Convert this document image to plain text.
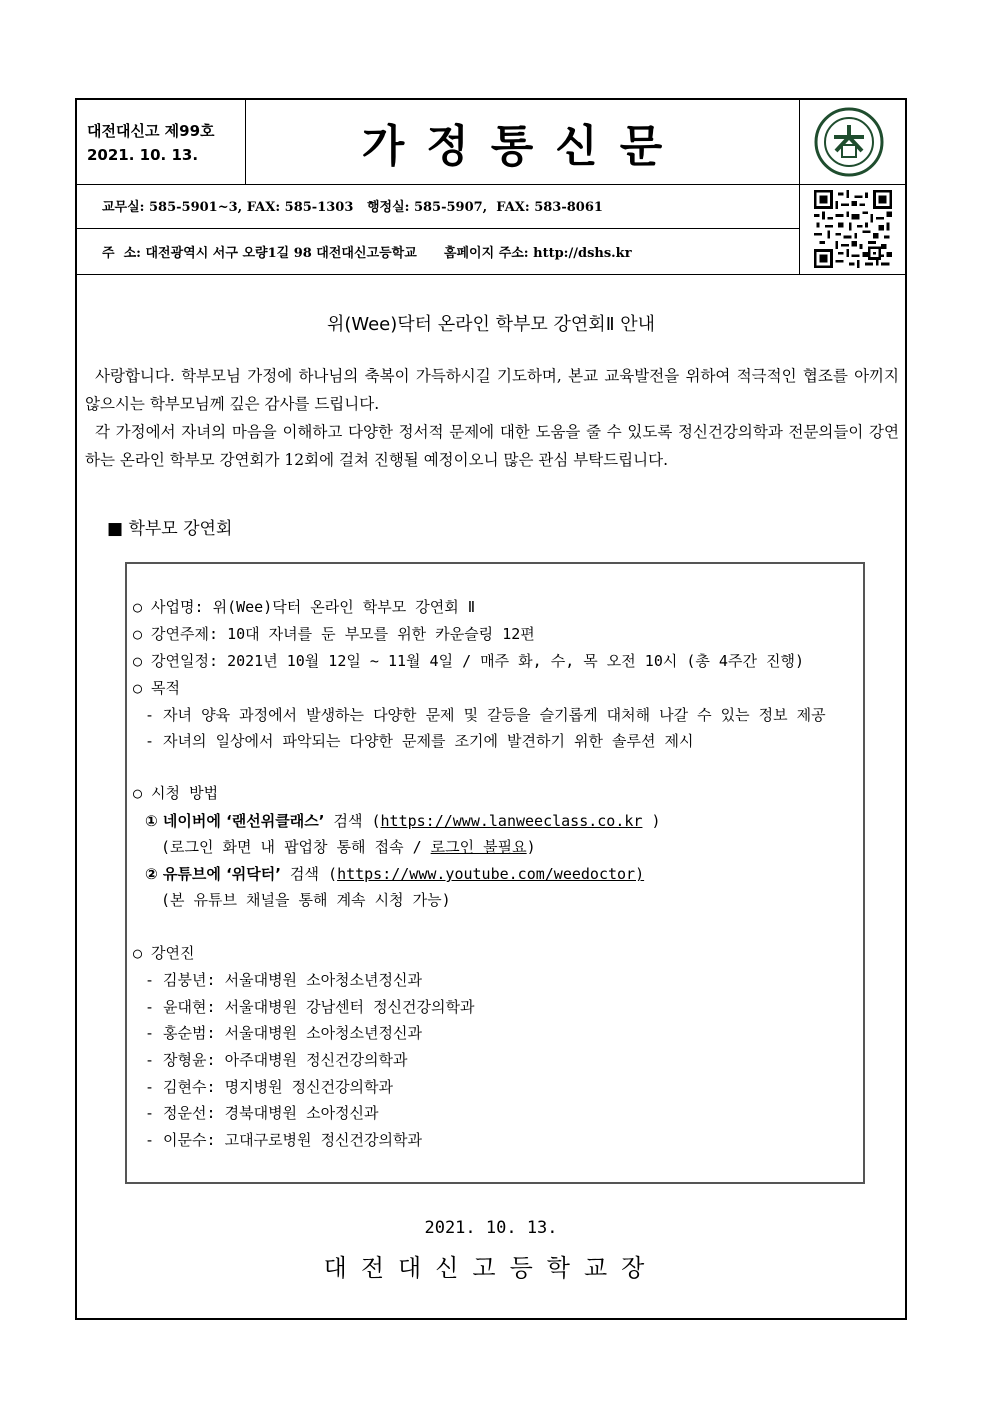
대전대신고 제99호
2021. 10. 13.	가정통신문
교무실: 585-5901~3, FAX: 585-1303   행정실: 585-5907,  FAX: 583-8061
주  소: 대전광역시 서구 오량1길 98 대전대신고등학교      홈페이지 주소: http://dshs.kr
위(Wee)닥터 온라인 학부모 강연회Ⅱ 안내

사랑합니다. 학부모님 가정에 하나님의 축복이 가득하시길 기도하며, 본교 교육발전을 위하여 적극적인 협조를 아끼지 않으시는 학부모님께 깊은 감사를 드립니다.

각 가정에서 자녀의 마음을 이해하고 다양한 정서적 문제에 대한 도움을 줄 수 있도록 정신건강의학과 전문의들이 강연하는 온라인 학부모 강연회가 12회에 걸쳐 진행될 예정이오니 많은 관심 부탁드립니다.

■ 학부모 강연회
○ 사업명: 위(Wee)닥터 온라인 학부모 강연회 Ⅱ
○ 강연주제: 10대 자녀를 둔 부모를 위한 카운슬링 12편
○ 강연일정: 2021년 10월 12일 ~ 11월 4일 / 매주 화, 수, 목 오전 10시 (총 4주간 진행)
○ 목적
- 자녀 양육 과정에서 발생하는 다양한 문제 및 갈등을 슬기롭게 대처해 나갈 수 있는 정보 제공
- 자녀의 일상에서 파악되는 다양한 문제를 조기에 발견하기 위한 솔루션 제시
○ 시청 방법
① 네이버에 ‘랜선위클래스’ 검색 (https://www.lanweeclass.co.kr )
(로그인 화면 내 팝업창 통해 접속 / 로그인 불필요)
② 유튜브에 ‘위닥터’ 검색 (https://www.youtube.com/weedoctor)
(본 유튜브 채널을 통해 계속 시청 가능)
○ 강연진
- 김붕년: 서울대병원 소아청소년정신과
- 윤대현: 서울대병원 강남센터 정신건강의학과
- 홍순범: 서울대병원 소아청소년정신과
- 장형윤: 아주대병원 정신건강의학과
- 김현수: 명지병원 정신건강의학과
- 정운선: 경북대병원 소아정신과
- 이문수: 고대구로병원 정신건강의학과
2021. 10. 13.
대전대신고등학교장
